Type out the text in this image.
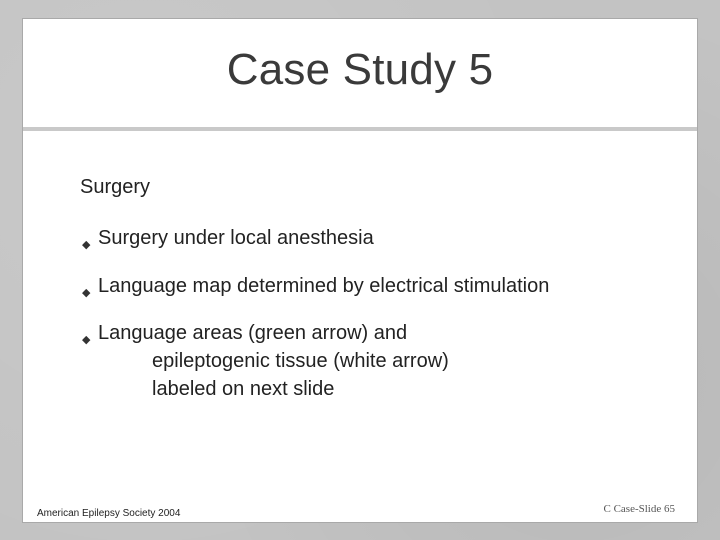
Case Study 5
Surgery
◆ Surgery under local anesthesia
◆ Language map determined by electrical stimulation
◆ Language areas (green arrow) and
epileptogenic tissue (white arrow)
labeled on next slide
American Epilepsy Society 2004	C Case-Slide 65
